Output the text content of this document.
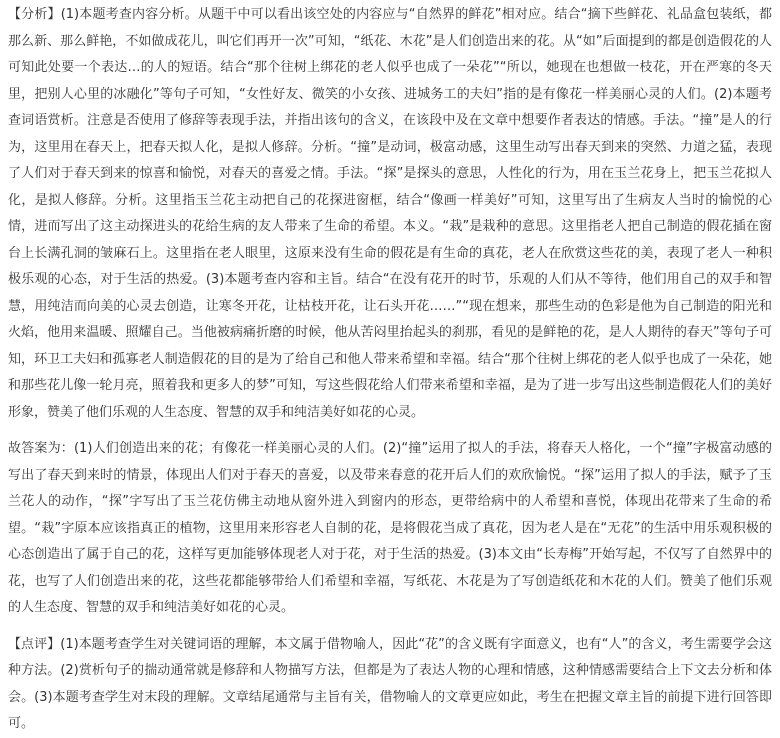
【分析】(1)本题考查内容分析。从题干中可以看出该空处的内容应与“自然界的鲜花”相对应。结合“摘下些鲜花、礼品盒包装纸，都那么新、那么鲜艳，不如做成花儿，叫它们再开一次”可知，“纸花、木花”是人们创造出来的花。从“如”后面提到的都是创造假花的人可知此处要一个表达…的人的短语。结合“那个往树上绑花的老人似乎也成了一朵花”“所以，她现在也想做一枝花，开在严寒的冬天里，把别人心里的冰融化”等句子可知，“女性好友、微笑的小女孩、进城务工的夫妇”指的是有像花一样美丽心灵的人们。(2)本题考查词语赏析。注意是否使用了修辞等表现手法，并指出该句的含义，在该段中及在文章中想要作者表达的情感。手法。“撞”是人的行为，这里用在春天上，把春天拟人化，是拟人修辞。分析。“撞”是动词，极富动感，这里生动写出春天到来的突然、力道之猛，表现了人们对于春天到来的惊喜和愉悦，对春天的喜爱之情。手法。“探”是探头的意思，人性化的行为，用在玉兰花身上，把玉兰花拟人化，是拟人修辞。分析。这里指玉兰花主动把自己的花探进窗框，结合“像画一样美好”可知，这里写出了生病友人当时的愉悦的心情，进而写出了这主动探进头的花给生病的友人带来了生命的希望。本义。“栽”是栽种的意思。这里指老人把自己制造的假花插在窗台上长满孔洞的皱麻石上。这里指在老人眼里，这原来没有生命的假花是有生命的真花，老人在欣赏这些花的美，表现了老人一种积极乐观的心态，对于生活的热爱。(3)本题考查内容和主旨。结合“在没有花开的时节，乐观的人们从不等待，他们用自己的双手和智慧，用纯洁而向美的心灵去创造，让寒冬开花，让枯枝开花，让石头开花……”“现在想来，那些生动的色彩是他为自己制造的阳光和火焰，他用来温暖、照耀自己。当他被病痛折磨的时候，他从苦闷里抬起头的刹那，看见的是鲜艳的花，是人人期待的春天”等句子可知，环卫工夫妇和孤寡老人制造假花的目的是为了给自己和他人带来希望和幸福。结合“那个往树上绑花的老人似乎也成了一朵花，她和那些花儿像一轮月亮，照着我和更多人的梦”可知，写这些假花给人们带来希望和幸福，是为了进一步写出这些制造假花人们的美好形象，赞美了他们乐观的人生态度、智慧的双手和纯洁美好如花的心灵。

故答案为：(1)人们创造出来的花；有像花一样美丽心灵的人们。(2)“撞”运用了拟人的手法，将春天人格化，一个“撞”字极富动感的写出了春天到来时的情景，体现出人们对于春天的喜爱，以及带来春意的花开后人们的欢欣愉悦。“探”运用了拟人的手法，赋予了玉兰花人的动作，“探”字写出了玉兰花仿佛主动地从窗外进入到窗内的形态，更带给病中的人希望和喜悦，体现出花带来了生命的希望。“栽”字原本应该指真正的植物，这里用来形容老人自制的花，是将假花当成了真花，因为老人是在“无花”的生活中用乐观积极的心态创造出了属于自己的花，这样写更加能够体现老人对于花，对于生活的热爱。(3)本文由“长寿梅”开始写起，不仅写了自然界中的花，也写了人们创造出来的花，这些花都能够带给人们希望和幸福，写纸花、木花是为了写创造纸花和木花的人们。赞美了他们乐观的人生态度、智慧的双手和纯洁美好如花的心灵。

【点评】(1)本题考查学生对关键词语的理解，本文属于借物喻人，因此“花”的含义既有字面意义，也有“人”的含义，考生需要学会这种方法。(2)赏析句子的揣动通常就是修辞和人物描写方法，但都是为了表达人物的心理和情感，这种情感需要结合上下文去分析和体会。(3)本题考查学生对末段的理解。文章结尾通常与主旨有关，借物喻人的文章更应如此，考生在把握文章主旨的前提下进行回答即可。
